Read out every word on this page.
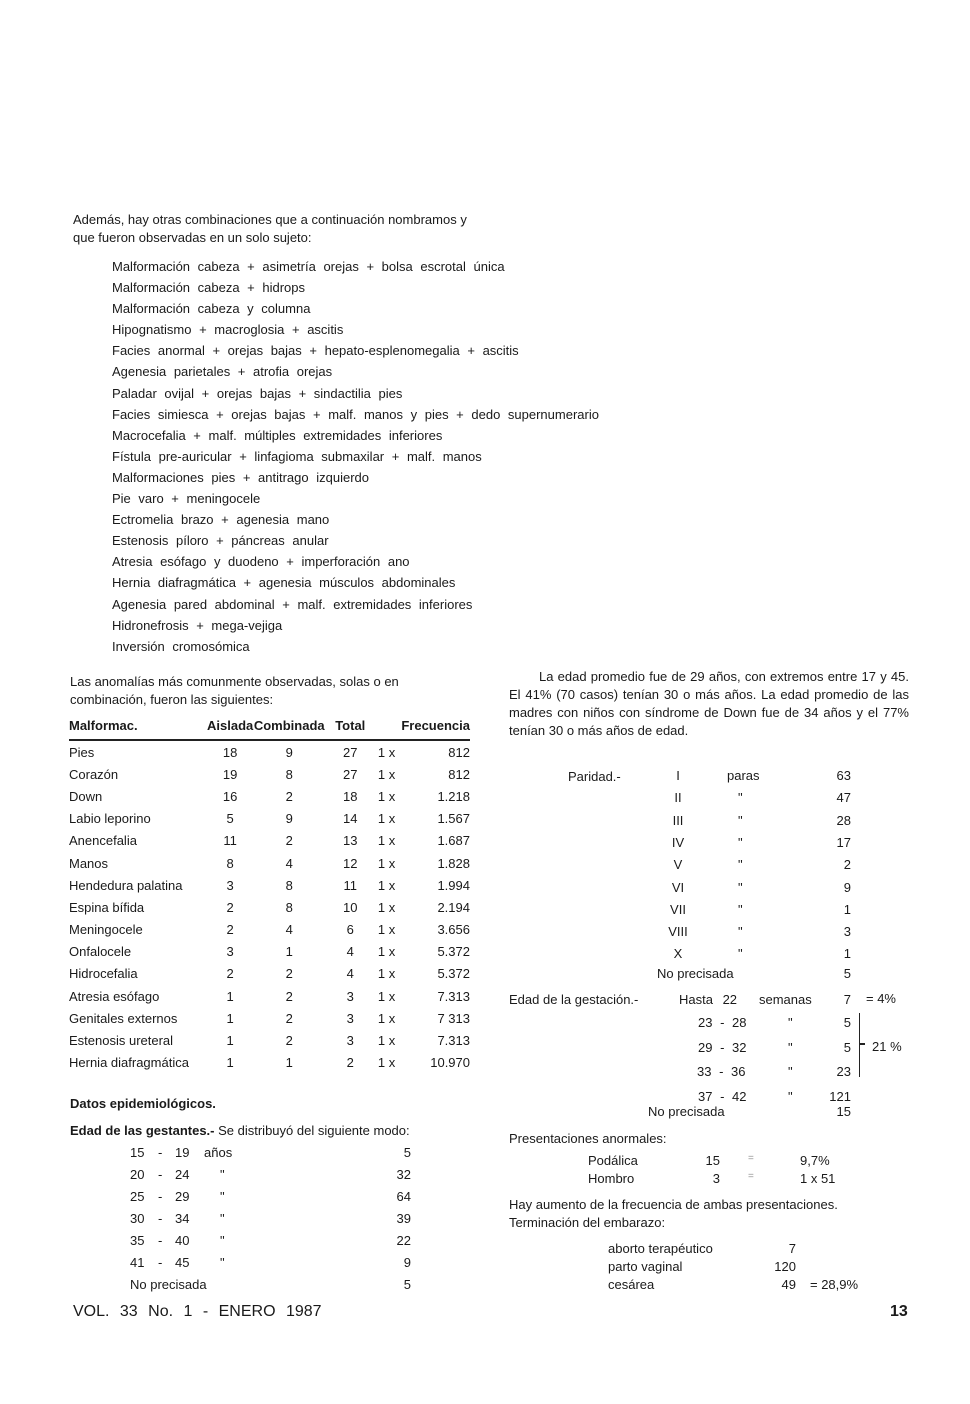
Además, hay otras combinaciones que a continuación nombramos y que fueron observadas en un solo sujeto:
Malformación cabeza + asimetría orejas + bolsa escrotal única
Malformación cabeza + hidrops
Malformación cabeza y columna
Hipognatismo + macroglosia + ascitis
Facies anormal + orejas bajas + hepato-esplenomegalia + ascitis
Agenesia parietales + atrofia orejas
Paladar ovijal + orejas bajas + sindactilia pies
Facies simiesca + orejas bajas + malf. manos y pies + dedo supernumerario
Macrocefalia + malf. múltiples extremidades inferiores
Fístula pre-auricular + linfagioma submaxilar + malf. manos
Malformaciones pies + antitrago izquierdo
Pie varo + meningocele
Ectromelia brazo + agenesia mano
Estenosis píloro + páncreas anular
Atresia esófago y duodeno + imperforación ano
Hernia diafragmática + agenesia músculos abdominales
Agenesia pared abdominal + malf. extremidades inferiores
Hidronefrosis + mega-vejiga
Inversión cromosómica
Las anomalías más comunmente observadas, solas o en combinación, fueron las siguientes:
Malformac.	Aislada	Combinada	Total	Frecuencia	
Pies	18	9	27	1 x	812
Corazón	19	8	27	1 x	812
Down	16	2	18	1 x	1.218
Labio leporino	5	9	14	1 x	1.567
Anencefalia	11	2	13	1 x	1.687
Manos	8	4	12	1 x	1.828
Hendedura palatina	3	8	11	1 x	1.994
Espina bífida	2	8	10	1 x	2.194
Meningocele	2	4	6	1 x	3.656
Onfalocele	3	1	4	1 x	5.372
Hidrocefalia	2	2	4	1 x	5.372
Atresia esófago	1	2	3	1 x	7.313
Genitales externos	1	2	3	1 x	7 313
Estenosis ureteral	1	2	3	1 x	7.313
Hernia diafragmática	1	1	2	1 x	10.970
Datos epidemiológicos.
Edad de las gestantes.- Se distribuyó del siguiente modo:
15 - 19 años	5
20 - 24 "	32
25 - 29 "	64
30 - 34 "	39
35 - 40 "	22
41 - 45 "	9
No precisada	5
La edad promedio fue de 29 años, con extremos entre 17 y 45. El 41% (70 casos) tenían 30 o más años. La edad promedio de las madres con niños con síndrome de Down fue de 34 años y el 77% tenían 30 o más años de edad.
Paridad.-	I	paras	63
II	"	47
III	"	28
IV	"	17
V	"	2
VI	"	9
VII	"	1
VIII	"	3
X	"	1
No precisada	5
Edad de la gestación.-	Hasta 22 semanas	7 = 4%
23 - 28	"	5
29 - 32	"	5
33 - 36	"	23
37 - 42	"	121
No precisada	15
21 %
Presentaciones anormales:
Podálica	15	=	9,7%
Hombro	3	=	1 x 51
Hay aumento de la frecuencia de ambas presentaciones.
Terminación del embarazo:
aborto terapéutico	7
parto vaginal	120
cesárea	49 = 28,9%
VOL. 33 No. 1 - ENERO 1987	13
